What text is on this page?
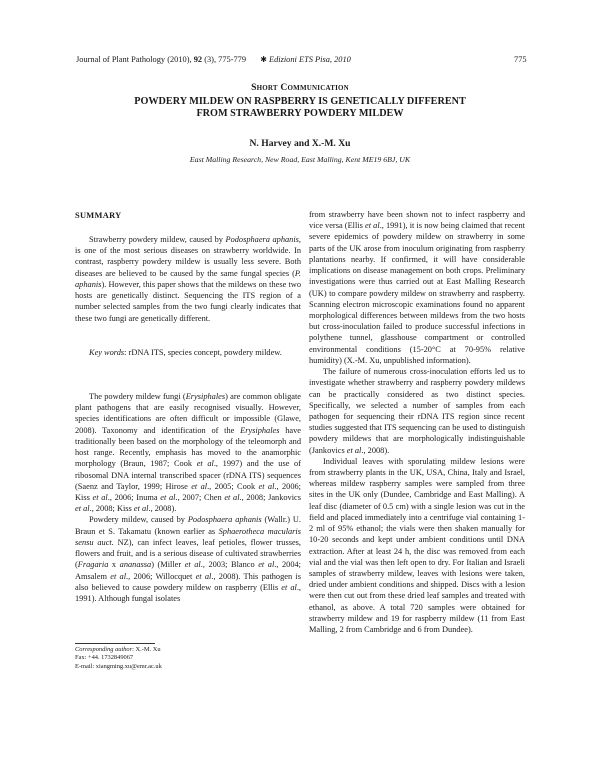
Journal of Plant Pathology (2010), 92 (3), 775-779 ✱ Edizioni ETS Pisa, 2010	775
Short Communication
POWDERY MILDEW ON RASPBERRY IS GENETICALLY DIFFERENT
FROM STRAWBERRY POWDERY MILDEW
N. Harvey and X.-M. Xu
East Malling Research, New Road, East Malling, Kent ME19 6BJ, UK
SUMMARY

Strawberry powdery mildew, caused by Podosphaera aphanis, is one of the most serious diseases on strawberry worldwide. In contrast, raspberry powdery mildew is usually less severe. Both diseases are believed to be caused by the same fungal species (P. aphanis). However, this paper shows that the mildews on these two hosts are genetically distinct. Sequencing the ITS region of a number selected samples from the two fungi clearly indicates that these two fungi are genetically different.

Key words: rDNA ITS, species concept, powdery mildew.

The powdery mildew fungi (Erysiphales) are common obligate plant pathogens that are easily recognised visually. However, species identifications are often difficult or impossible (Glawe, 2008). Taxonomy and identification of the Erysiphales have traditionally been based on the morphology of the teleomorph and host range. Recently, emphasis has moved to the anamorphic morphology (Braun, 1987; Cook et al., 1997) and the use of ribosomal DNA internal transcribed spacer (rDNA ITS) sequences (Saenz and Taylor, 1999; Hirose et al., 2005; Cook et al., 2006; Kiss et al., 2006; Inuma et al., 2007; Chen et al., 2008; Jankovics et al., 2008; Kiss et al., 2008).

Powdery mildew, caused by Podosphaera aphanis (Wallr.) U. Braun et S. Takamatu (known earlier as Sphaerotheca macularis sensu auct. NZ), can infect leaves, leaf petioles, flower trusses, flowers and fruit, and is a serious disease of cultivated strawberries (Fragaria x ananassa) (Miller et al., 2003; Blanco et al., 2004; Amsalem et al., 2006; Willocquet et al., 2008). This pathogen is also believed to cause powdery mildew on raspberry (Ellis et al., 1991). Although fungal isolates

from strawberry have been shown not to infect raspberry and vice versa (Ellis et al., 1991), it is now being claimed that recent severe epidemics of powdery mildew on strawberry in some parts of the UK arose from inoculum originating from raspberry plantations nearby. If confirmed, it will have considerable implications on disease management on both crops. Preliminary investigations were thus carried out at East Malling Research (UK) to compare powdery mildew on strawberry and raspberry. Scanning electron microscopic examinations found no apparent morphological differences between mildews from the two hosts but cross-inoculation failed to produce successful infections in polythene tunnel, glasshouse compartment or controlled environmental conditions (15-20°C at 70-95% relative humidity) (X.-M. Xu, unpublished information).

The failure of numerous cross-inoculation efforts led us to investigate whether strawberry and raspberry powdery mildews can be practically considered as two distinct species. Specifically, we selected a number of samples from each pathogen for sequencing their rDNA ITS region since recent studies suggested that ITS sequencing can be used to distinguish powdery mildews that are morphologically indistinguishable (Jankovics et al., 2008).

Individual leaves with sporulating mildew lesions were from strawberry plants in the UK, USA, China, Italy and Israel, whereas mildew raspberry samples were sampled from three sites in the UK only (Dundee, Cambridge and East Malling). A leaf disc (diameter of 0.5 cm) with a single lesion was cut in the field and placed immediately into a centrifuge vial containing 1-2 ml of 95% ethanol; the vials were then shaken manually for 10-20 seconds and kept under ambient conditions until DNA extraction. After at least 24 h, the disc was removed from each vial and the vial was then left open to dry. For Italian and Israeli samples of strawberry mildew, leaves with lesions were taken, dried under ambient conditions and shipped. Discs with a lesion were then cut out from these dried leaf samples and treated with ethanol, as above. A total 720 samples were obtained for strawberry mildew and 19 for raspberry mildew (11 from East Malling, 2 from Cambridge and 6 from Dundee).

Corresponding author: X.-M. Xu
Fax: +44. 1732849067
E-mail: xiangming.xu@emr.ac.uk
